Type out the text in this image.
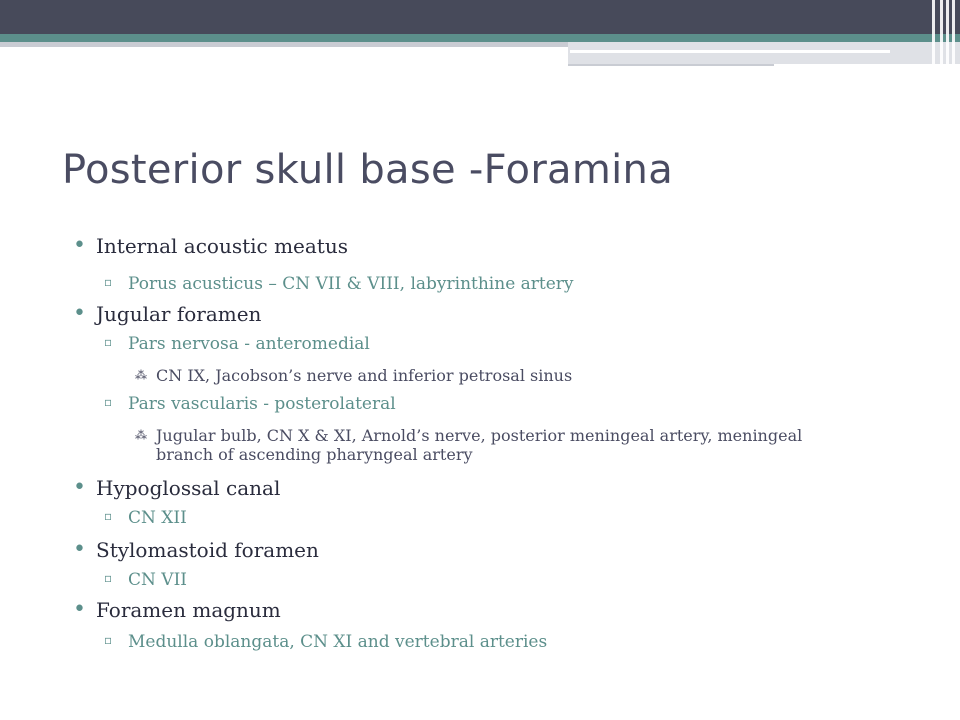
Posterior skull base -Foramina
• Internal acoustic meatus
▫ Porus acusticus – CN VII & VIII, labyrinthine artery
• Jugular foramen
▫ Pars nervosa - anteromedial
⁂ CN IX, Jacobson’s nerve and inferior petrosal sinus
▫ Pars vascularis - posterolateral
⁂ Jugular bulb, CN X & XI, Arnold’s nerve, posterior meningeal artery, meningeal branch of ascending pharyngeal artery
• Hypoglossal canal
▫ CN XII
• Stylomastoid foramen
▫ CN VII
• Foramen magnum
▫ Medulla oblangata, CN XI and vertebral arteries
